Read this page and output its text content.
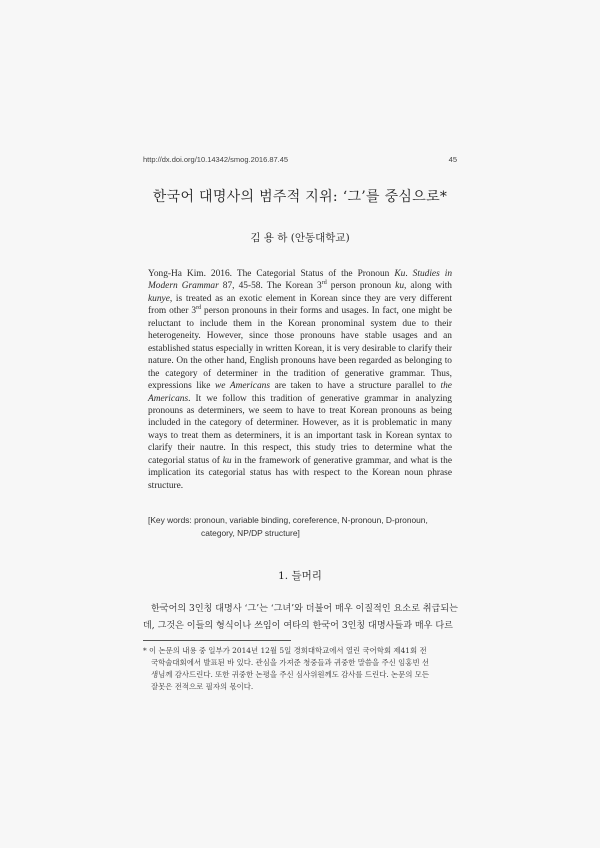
http://dx.doi.org/10.14342/smog.2016.87.45	45
한국어 대명사의 범주적 지위: ‘그’를 중심으로*
김 용 하 (안동대학교)
Yong-Ha Kim. 2016. The Categorial Status of the Pronoun Ku. Studies in Modern Grammar 87, 45-58. The Korean 3rd person pronoun ku, along with kunye, is treated as an exotic element in Korean since they are very different from other 3rd person pronouns in their forms and usages. In fact, one might be reluctant to include them in the Korean pronominal system due to their heterogeneity. However, since those pronouns have stable usages and an established status especially in written Korean, it is very desirable to clarify their nature. On the other hand, English pronouns have been regarded as belonging to the category of determiner in the tradition of generative grammar. Thus, expressions like we Americans are taken to have a structure parallel to the Americans. It we follow this tradition of generative grammar in analyzing pronouns as determiners, we seem to have to treat Korean pronouns as being included in the category of determiner. However, as it is problematic in many ways to treat them as determiners, it is an important task in Korean syntax to clarify their nautre. In this respect, this study tries to determine what the categorial status of ku in the framework of generative grammar, and what is the implication its categorial status has with respect to the Korean noun phrase structure.
[Key words: pronoun, variable binding, coreference, N-pronoun, D-pronoun,
category, NP/DP structure]
1. 들머리
한국어의 3인칭 대명사 ‘그’는 ‘그녀’와 더불어 매우 이질적인 요소로 취급되는
데, 그것은 이들의 형식이나 쓰임이 여타의 한국어 3인칭 대명사들과 매우 다르
* 이 논문의 내용 중 일부가 2014년 12월 5일 경희대학교에서 열린 국어학회 제41회 전
국학술대회에서 발표된 바 있다. 관심을 가져준 청중들과 귀중한 말씀을 주신 임홍빈 선
생님께 감사드린다. 또한 귀중한 논평을 주신 심사위원께도 감사를 드린다. 논문의 모든
잘못은 전적으로 필자의 몫이다.
